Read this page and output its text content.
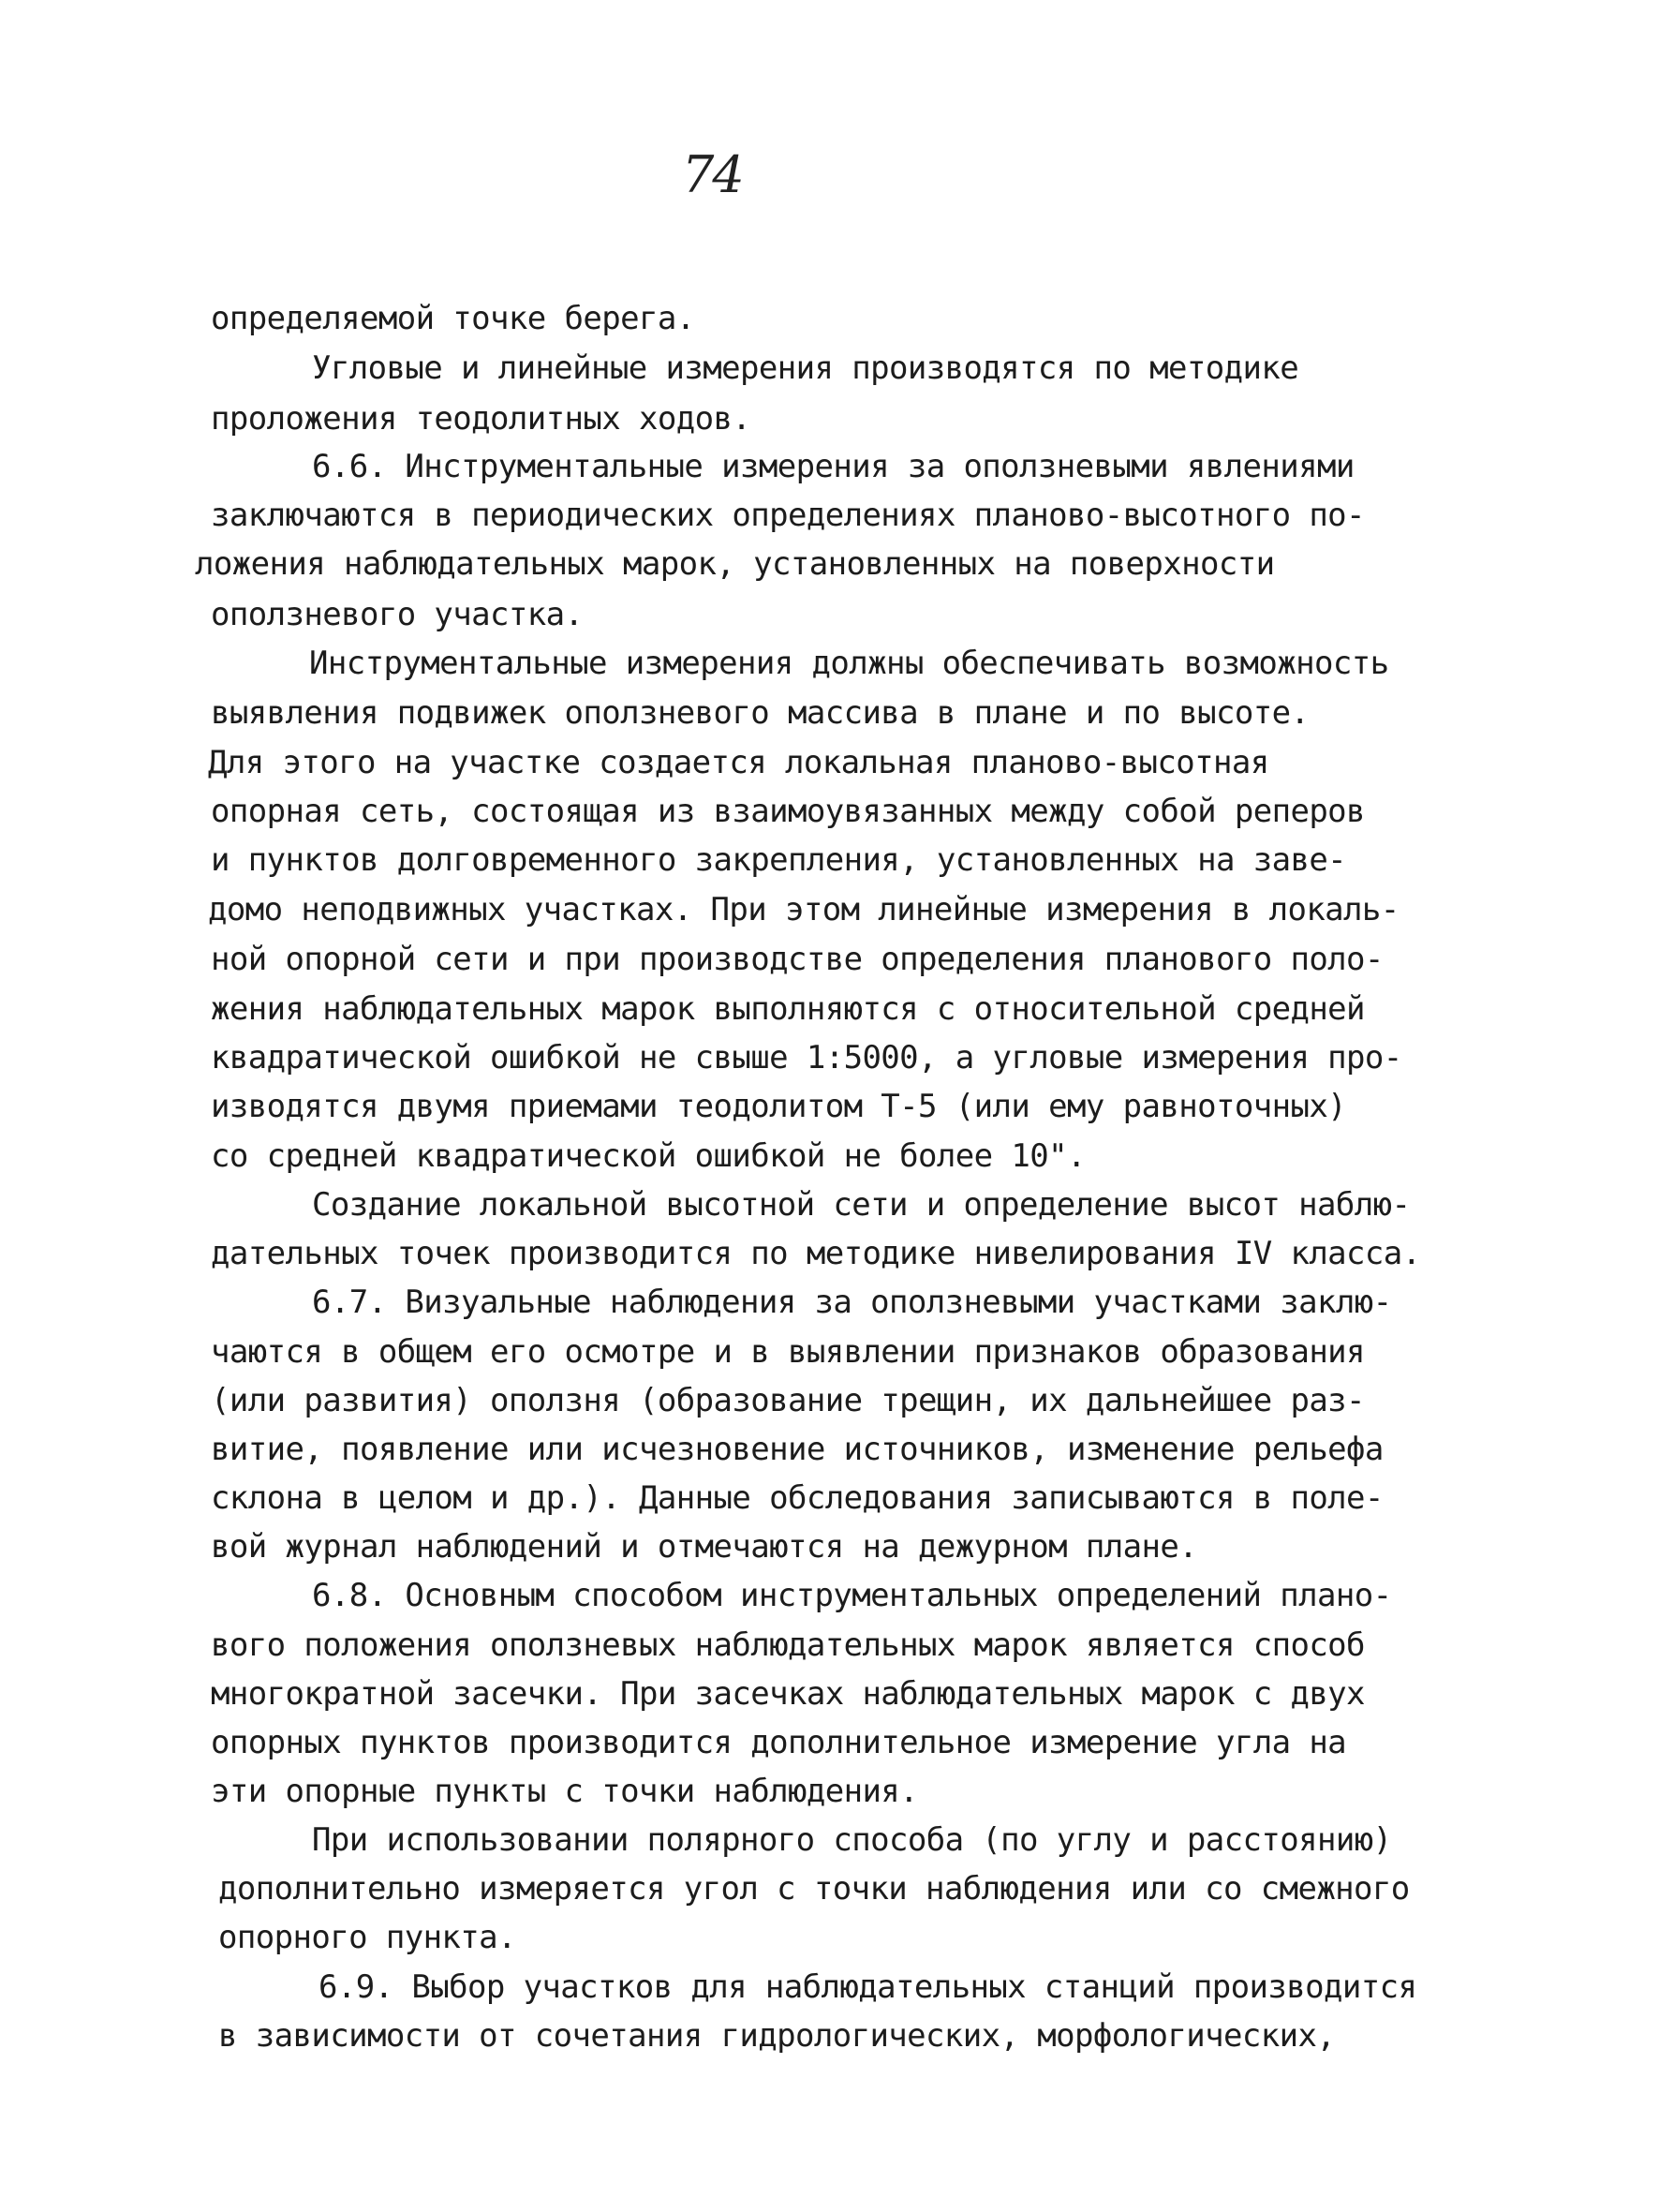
74
определяемой точке берега.
Угловые и линейные измерения производятся по методике
проложения теодолитных ходов.
6.6. Инструментальные измерения за оползневыми явлениями
заключаются в периодических определениях планово-высотного по-
ложения наблюдательных марок, установленных на поверхности
оползневого участка.
Инструментальные измерения должны обеспечивать возможность
выявления подвижек оползневого массива в плане и по высоте.
Для этого на участке создается локальная планово-высотная
опорная сеть, состоящая из взаимоувязанных между собой реперов
и пунктов долговременного закрепления, установленных на заве-
домо неподвижных участках. При этом линейные измерения в локаль-
ной опорной сети и при производстве определения планового поло-
жения наблюдательных марок выполняются с относительной средней
квадратической ошибкой не свыше 1:5000, а угловые измерения про-
изводятся двумя приемами теодолитом Т-5 (или ему равноточных)
со средней квадратической ошибкой не более 10".
Создание локальной высотной сети и определение высот наблю-
дательных точек производится по методике нивелирования IV класса.
6.7. Визуальные наблюдения за оползневыми участками заклю-
чаются в общем его осмотре и в выявлении признаков образования
(или развития) оползня (образование трещин, их дальнейшее раз-
витие, появление или исчезновение источников, изменение рельефа
склона в целом и др.). Данные обследования записываются в поле-
вой журнал наблюдений и отмечаются на дежурном плане.
6.8. Основным способом инструментальных определений плано-
вого положения оползневых наблюдательных марок является способ
многократной засечки. При засечках наблюдательных марок с двух
опорных пунктов производится дополнительное измерение угла на
эти опорные пункты с точки наблюдения.
При использовании полярного способа (по углу и расстоянию)
дополнительно измеряется угол с точки наблюдения или со смежного
опорного пункта.
6.9. Выбор участков для наблюдательных станций производится
в зависимости от сочетания гидрологических, морфологических,
